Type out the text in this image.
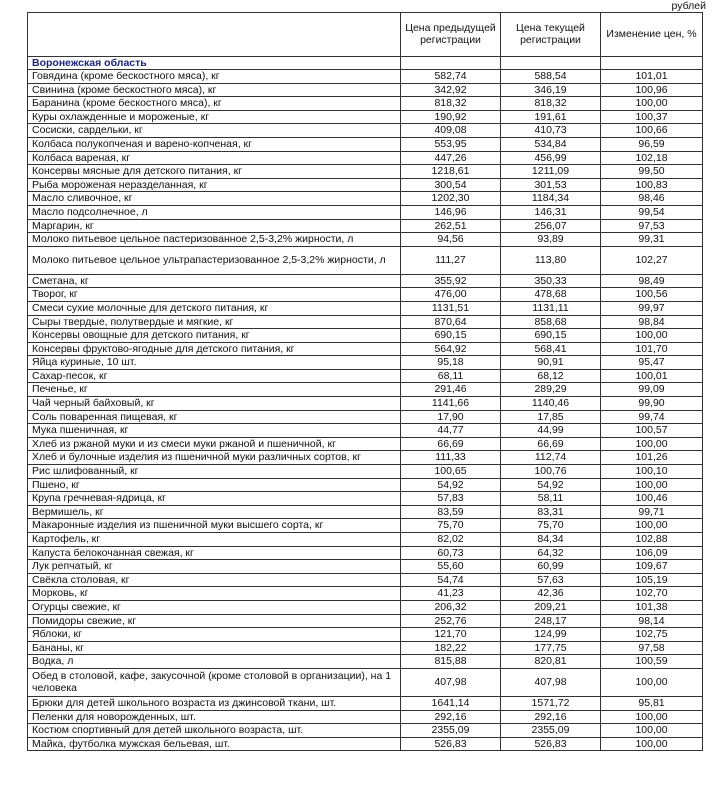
рублей
	Цена предыдущей регистрации	Цена текущей регистрации	Изменение цен, %
Воронежская область			
Говядина (кроме бескостного мяса), кг	582,74	588,54	101,01
Свинина (кроме бескостного мяса), кг	342,92	346,19	100,96
Баранина (кроме бескостного мяса), кг	818,32	818,32	100,00
Куры охлажденные и мороженые, кг	190,92	191,61	100,37
Сосиски, сардельки, кг	409,08	410,73	100,66
Колбаса полукопченая и варено-копченая, кг	553,95	534,84	96,59
Колбаса вареная, кг	447,26	456,99	102,18
Консервы мясные для детского питания, кг	1218,61	1211,09	99,50
Рыба мороженая неразделанная, кг	300,54	301,53	100,83
Масло сливочное, кг	1202,30	1184,34	98,46
Масло подсолнечное, л	146,96	146,31	99,54
Маргарин, кг	262,51	256,07	97,53
Молоко питьевое цельное пастеризованное 2,5-3,2% жирности, л	94,56	93,89	99,31
Молоко питьевое цельное ультрапастеризованное 2,5-3,2% жирности, л	111,27	113,80	102,27
Сметана, кг	355,92	350,33	98,49
Творог, кг	476,00	478,68	100,56
Смеси сухие молочные для детского питания, кг	1131,51	1131,11	99,97
Сыры твердые, полутвердые и мягкие, кг	870,64	858,68	98,84
Консервы овощные для детского питания, кг	690,15	690,15	100,00
Консервы фруктово-ягодные для детского питания, кг	564,92	568,41	101,70
Яйца куриные, 10 шт.	95,18	90,91	95,47
Сахар-песок, кг	68,11	68,12	100,01
Печенье, кг	291,46	289,29	99,09
Чай черный байховый, кг	1141,66	1140,46	99,90
Соль поваренная пищевая, кг	17,90	17,85	99,74
Мука пшеничная, кг	44,77	44,99	100,57
Хлеб из ржаной муки и из смеси муки ржаной и пшеничной, кг	66,69	66,69	100,00
Хлеб и булочные изделия из пшеничной муки различных сортов, кг	111,33	112,74	101,26
Рис шлифованный, кг	100,65	100,76	100,10
Пшено, кг	54,92	54,92	100,00
Крупа гречневая-ядрица, кг	57,83	58,11	100,46
Вермишель, кг	83,59	83,31	99,71
Макаронные изделия из пшеничной муки высшего сорта, кг	75,70	75,70	100,00
Картофель, кг	82,02	84,34	102,88
Капуста белокочанная свежая, кг	60,73	64,32	106,09
Лук репчатый, кг	55,60	60,99	109,67
Свёкла столовая, кг	54,74	57,63	105,19
Морковь, кг	41,23	42,36	102,70
Огурцы свежие, кг	206,32	209,21	101,38
Помидоры свежие, кг	252,76	248,17	98,14
Яблоки, кг	121,70	124,99	102,75
Бананы, кг	182,22	177,75	97,58
Водка, л	815,88	820,81	100,59
Обед в столовой, кафе, закусочной (кроме столовой в организации), на 1 человека	407,98	407,98	100,00
Брюки для детей школьного возраста из джинсовой ткани, шт.	1641,14	1571,72	95,81
Пеленки для новорожденных, шт.	292,16	292,16	100,00
Костюм спортивный для детей школьного возраста, шт.	2355,09	2355,09	100,00
Майка, футболка мужская бельевая, шт.	526,83	526,83	100,00
